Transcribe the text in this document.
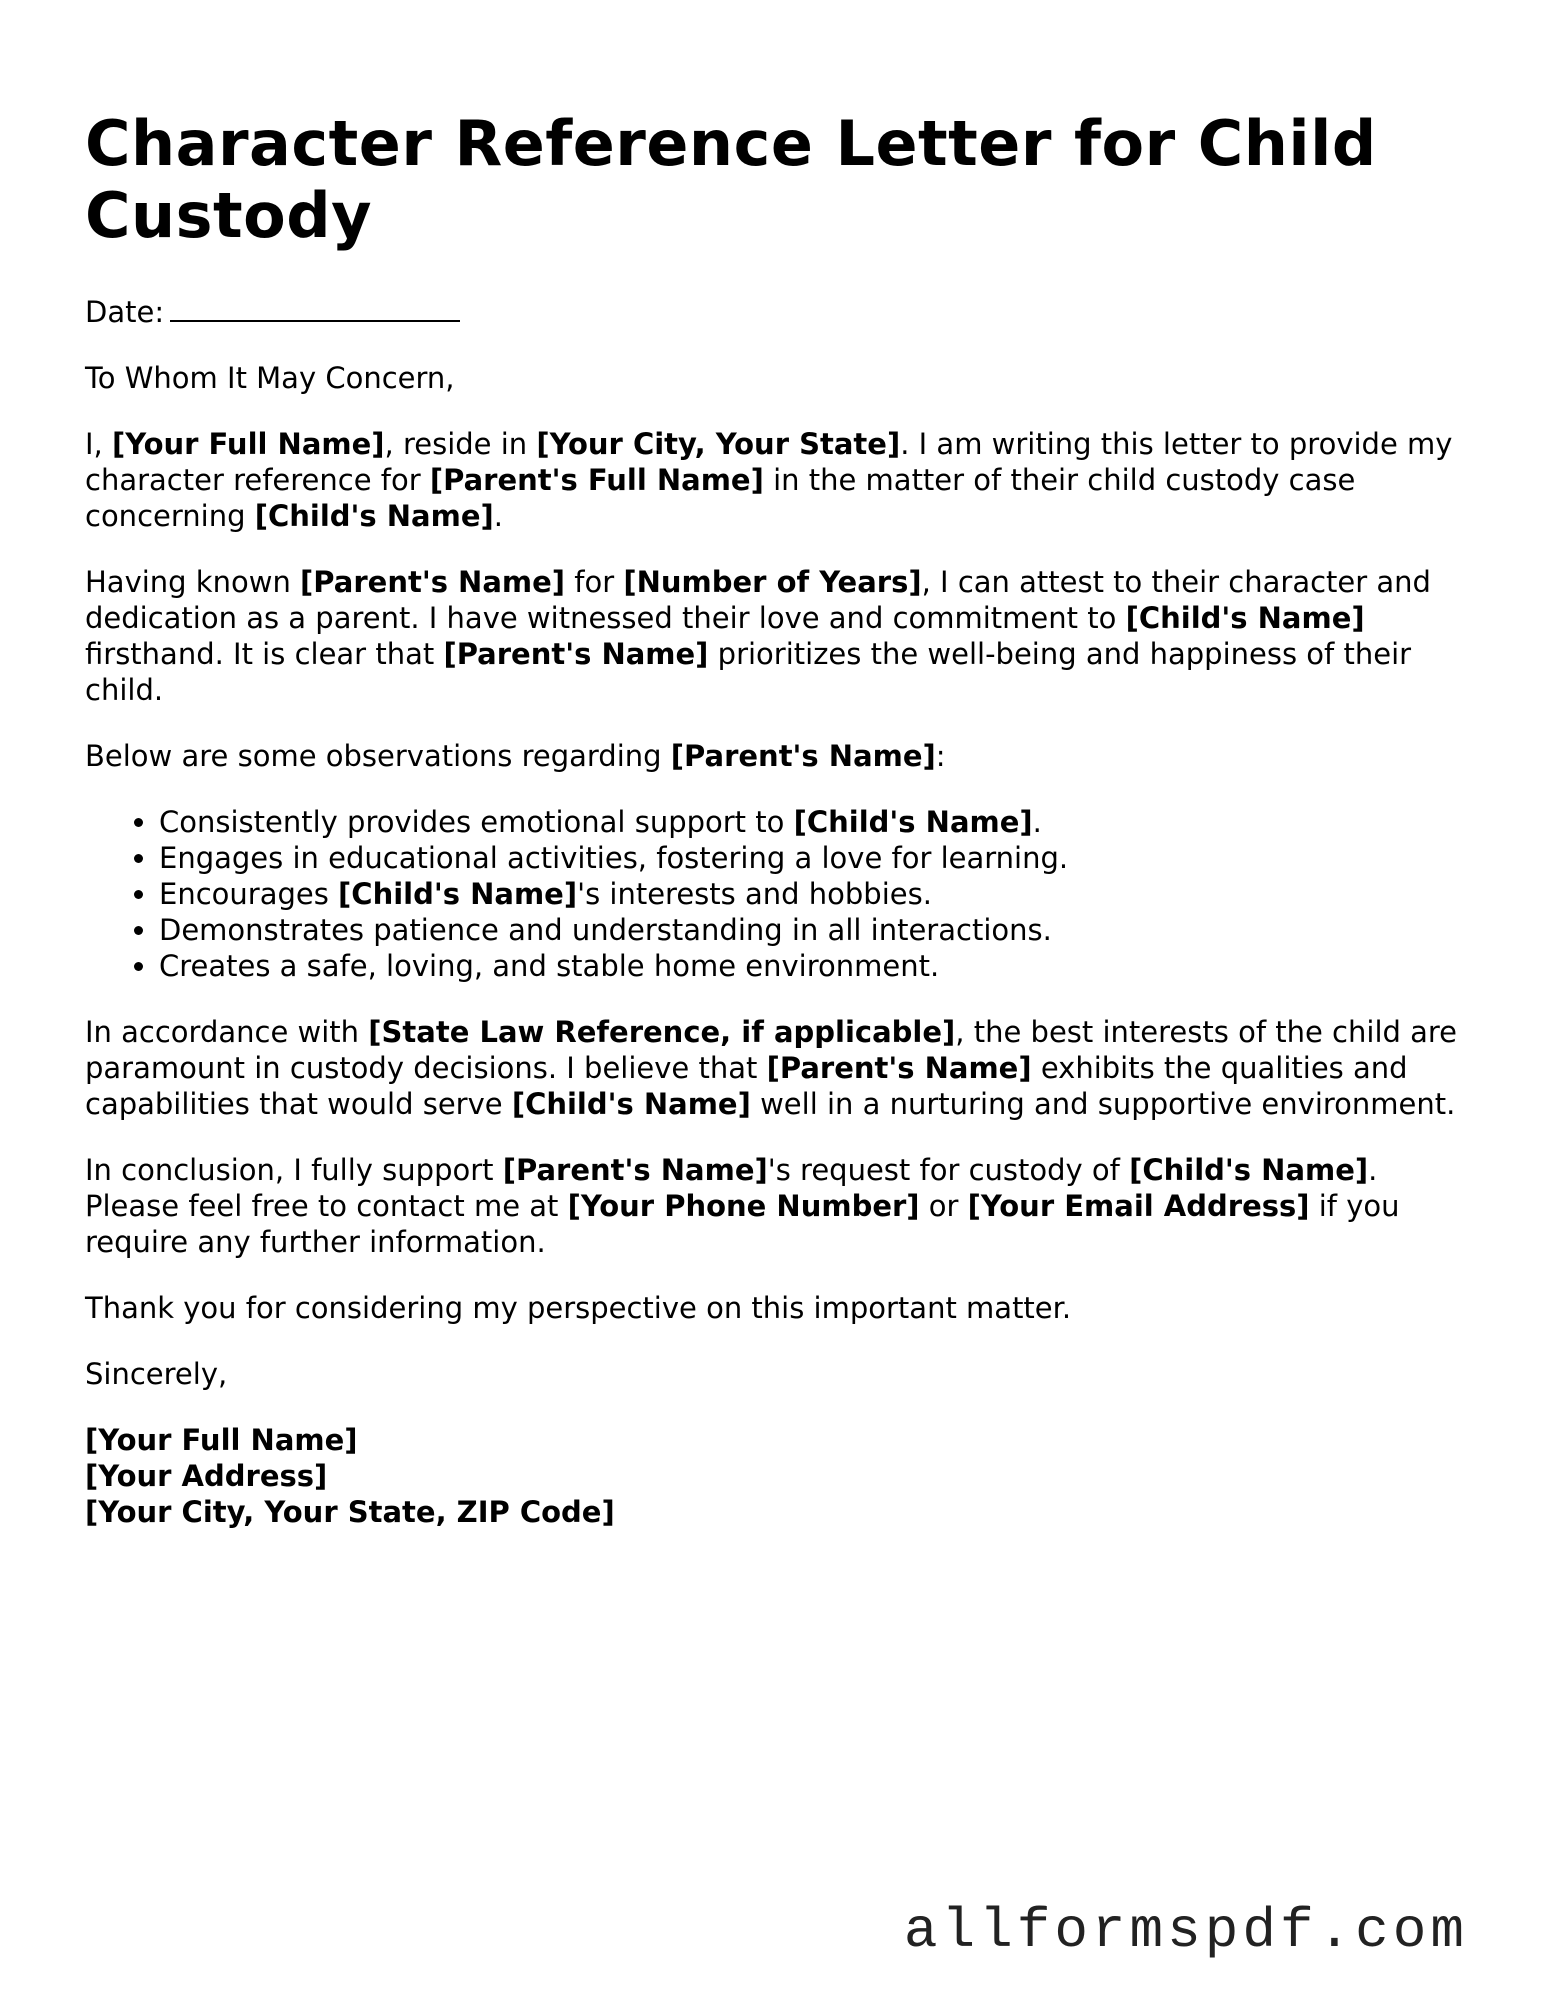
Character Reference Letter for Child Custody

Date:

To Whom It May Concern,

I, [Your Full Name], reside in [Your City, Your State]. I am writing this letter to provide my character reference for [Parent's Full Name] in the matter of their child custody case concerning [Child's Name].

Having known [Parent's Name] for [Number of Years], I can attest to their character and dedication as a parent. I have witnessed their love and commitment to [Child's Name] firsthand. It is clear that [Parent's Name] prioritizes the well-being and happiness of their child.

Below are some observations regarding [Parent's Name]:

• Consistently provides emotional support to [Child's Name].
• Engages in educational activities, fostering a love for learning.
• Encourages [Child's Name]'s interests and hobbies.
• Demonstrates patience and understanding in all interactions.
• Creates a safe, loving, and stable home environment.

In accordance with [State Law Reference, if applicable], the best interests of the child are paramount in custody decisions. I believe that [Parent's Name] exhibits the qualities and capabilities that would serve [Child's Name] well in a nurturing and supportive environment.

In conclusion, I fully support [Parent's Name]'s request for custody of [Child's Name]. Please feel free to contact me at [Your Phone Number] or [Your Email Address] if you require any further information.

Thank you for considering my perspective on this important matter.

Sincerely,

[Your Full Name]
[Your Address]
[Your City, Your State, ZIP Code]
allformspdf.com
